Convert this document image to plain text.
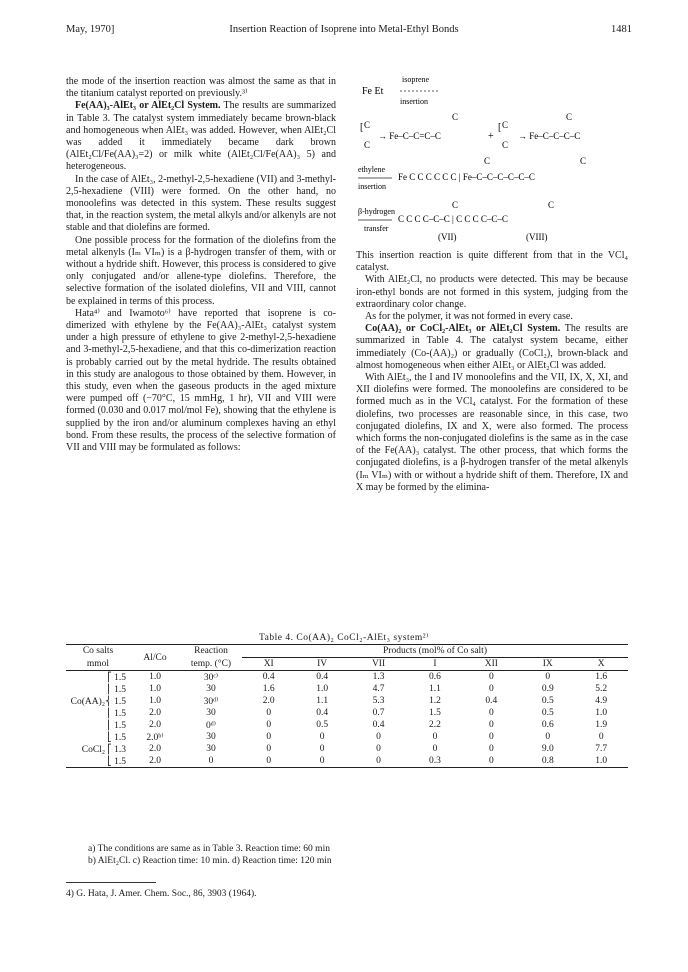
May, 1970]	Insertion Reaction of Isoprene into Metal-Ethyl Bonds	1481

the mode of the insertion reaction was almost the same as that in the titanium catalyst reported on previously.³⁾

Fe(AA)₃-AlEt₃ or AlEt₂Cl System. The results are summarized in Table 3. The catalyst system immediately became brown-black and homogeneous when AlEt₃ was added. However, when AlEt₂Cl was added it immediately became dark brown (AlEt₂Cl/Fe(AA)₃=2) or milk white (AlEt₂Cl/Fe(AA)₃ 5) and heterogeneous.

In the case of AlEt₃, 2-methyl-2,5-hexadiene (VII) and 3-methyl-2,5-hexadiene (VIII) were formed. On the other hand, no monoolefins was detected in this system. These results suggest that, in the reaction system, the metal alkyls and/or alkenyls are not stable and that diolefins are formed.

One possible process for the formation of the diolefins from the metal alkenyls (Iₘ VIₘ) is a β-hydrogen transfer of them, with or without a hydride shift. However, this process is considered to give only conjugated and/or allene-type diolefins. Therefore, the selective formation of the isolated diolefins, VII and VIII, cannot be explained in terms of this process.

Hata⁴⁾ and Iwamoto⁶⁾ have reported that isoprene is co-dimerized with ethylene by the Fe(AA)₃-AlEt₃ catalyst system under a high pressure of ethylene to give 2-methyl-2,5-hexadiene and 3-methyl-2,5-hexadiene, and that this co-dimerization reaction is probably carried out by the metal hydride. The results obtained in this study are analogous to those obtained by them. However, in this study, even when the gaseous products in the aged mixture were pumped off (−70°C, 15 mmHg, 1 hr), VII and VIII were formed (0.030 and 0.017 mol/mol Fe), showing that the ethylene is supplied by the iron and/or aluminum complexes having an ethyl bond. From these results, the process of the selective formation of VII and VIII may be formulated as follows:

Fe Et
isoprene
insertion
C	C
[ C
C
→ Fe–C–C=C–C	+
[ C
C
→ Fe–C–C–C–C
C	C
ethylene
insertion
Fe C C C C C C | Fe–C–C–C–C–C–C
C	C
β-hydrogen
transfer
C C C C–C–C | C C C C–C–C
(VII)	(VIII)

This insertion reaction is quite different from that in the VCl₄ catalyst.

With AlEt₂Cl, no products were detected. This may be because iron-ethyl bonds are not formed in this system, judging from the extraordinary color change.

As for the polymer, it was not formed in every case.

Co(AA)₂ or CoCl₂-AlEt₃ or AlEt₂Cl System. The results are summarized in Table 4. The catalyst system became, either immediately (Co-(AA)₂) or gradually (CoCl₂), brown-black and almost homogeneous when either AlEt₃ or AlEt₂Cl was added.

With AlEt₃, the I and IV monoolefins and the VII, IX, X, XI, and XII diolefins were formed. The monoolefins are considered to be formed much as in the VCl₄ catalyst. For the formation of these diolefins, two processes are reasonable since, in this case, two conjugated diolefins, IX and X, were also formed. The process which forms the non-conjugated diolefins is the same as in the case of the Fe(AA)₃ catalyst. The other process, that which forms the conjugated diolefins, is a β-hydrogen transfer of the metal alkenyls (Iₘ VIₘ) with or without a hydride shift of them. Therefore, IX and X may be formed by the elimina-

Table 4. Co(AA)₂ CoCl₂-AlEt₃ system²⁾
Co salts	Al/Co	Reaction	Products (mol% of Co salt)						
mmol		temp. (°C)	XI	IV	VII	I	XII	IX	X
⎡ 1.5	1.0	30ᶜ⁾	0.4	0.4	1.3	0.6	0	0	1.6
⎢ 1.5	1.0	30	1.6	1.0	4.7	1.1	0	0.9	5.2
Co(AA)₂⎨ 1.5	1.0	30ᵈ⁾	2.0	1.1	5.3	1.2	0.4	0.5	4.9
⎢ 1.5	2.0	30	0	0.4	0.7	1.5	0	0.5	1.0
⎢ 1.5	2.0	0ᵈ⁾	0	0.5	0.4	2.2	0	0.6	1.9
⎣ 1.5	2.0ᵇ⁾	30	0	0	0	0	0	0	0
CoCl₂ ⎡ 1.3	2.0	30	0	0	0	0	0	9.0	7.7
⎣ 1.5	2.0	0	0	0	0	0.3	0	0.8	1.0

a) The conditions are same as in Table 3. Reaction time: 60 min

b) AlEt₂Cl. c) Reaction time: 10 min. d) Reaction time: 120 min

4) G. Hata, J. Amer. Chem. Soc., 86, 3903 (1964).
